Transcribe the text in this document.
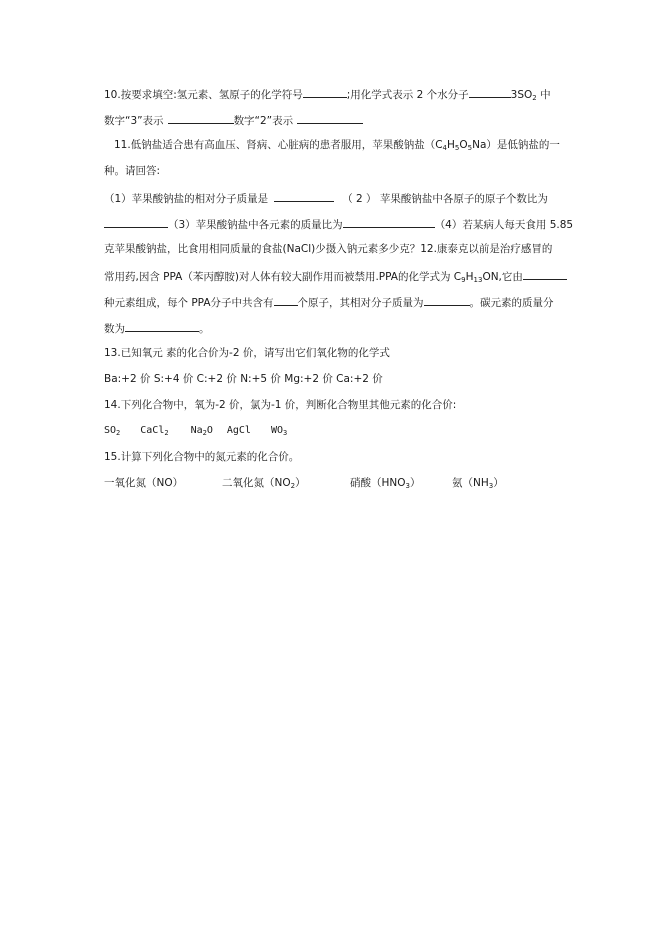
10.按要求填空:氢元素、氢原子的化学符号	;用化学式表示 2 个水分子	$3SO_2$ 中
数字“3”表示	数字“2”表示
11.低钠盐适合患有高血压、肾病、心脏病的患者服用，苹果酸钠盐$(C_4H_5O_5Na)$是低钠盐的一
种。请回答:
（1）苹果酸钠盐的相对分子质量是	（ 2 ） 苹果酸钠盐中各原子的原子个数比为
（3）苹果酸钠盐中各元素的质量比为	（4）若某病人每天食用 5.85
克苹果酸钠盐，比食用相同质量的食盐(NaCl)少摄入钠元素多少克？12.康泰克以前是治疗感冒的
常用药,因含 PPA（苯丙醇胺)对人体有较大副作用而被禁用.PPA的化学式为 $C_9H_{13}ON$,它由
种元素组成，每个 PPA分子中共含有 个原子，其相对分子质量为	。碳元素的质量分
数为	。
13.已知氧元 素的化合价为-2 价，请写出它们氧化物的化学式
Ba:+2 价 S:+4 价 C:+2 价 N:+5 价 Mg:+2 价 Ca:+2 价
14.下列化合物中，氧为-2 价，氯为-1 价，判断化合物里其他元素的化合价:
$SO_2$ CaCl$_2$ $Na_2O$ AgCl $WO_3$
15.计算下列化合物中的氮元素的化合价。
一氧化氮（NO）	二氧化氮$(NO_2)$	硝酸$(HNO_3)$	氨$(NH_3)$
